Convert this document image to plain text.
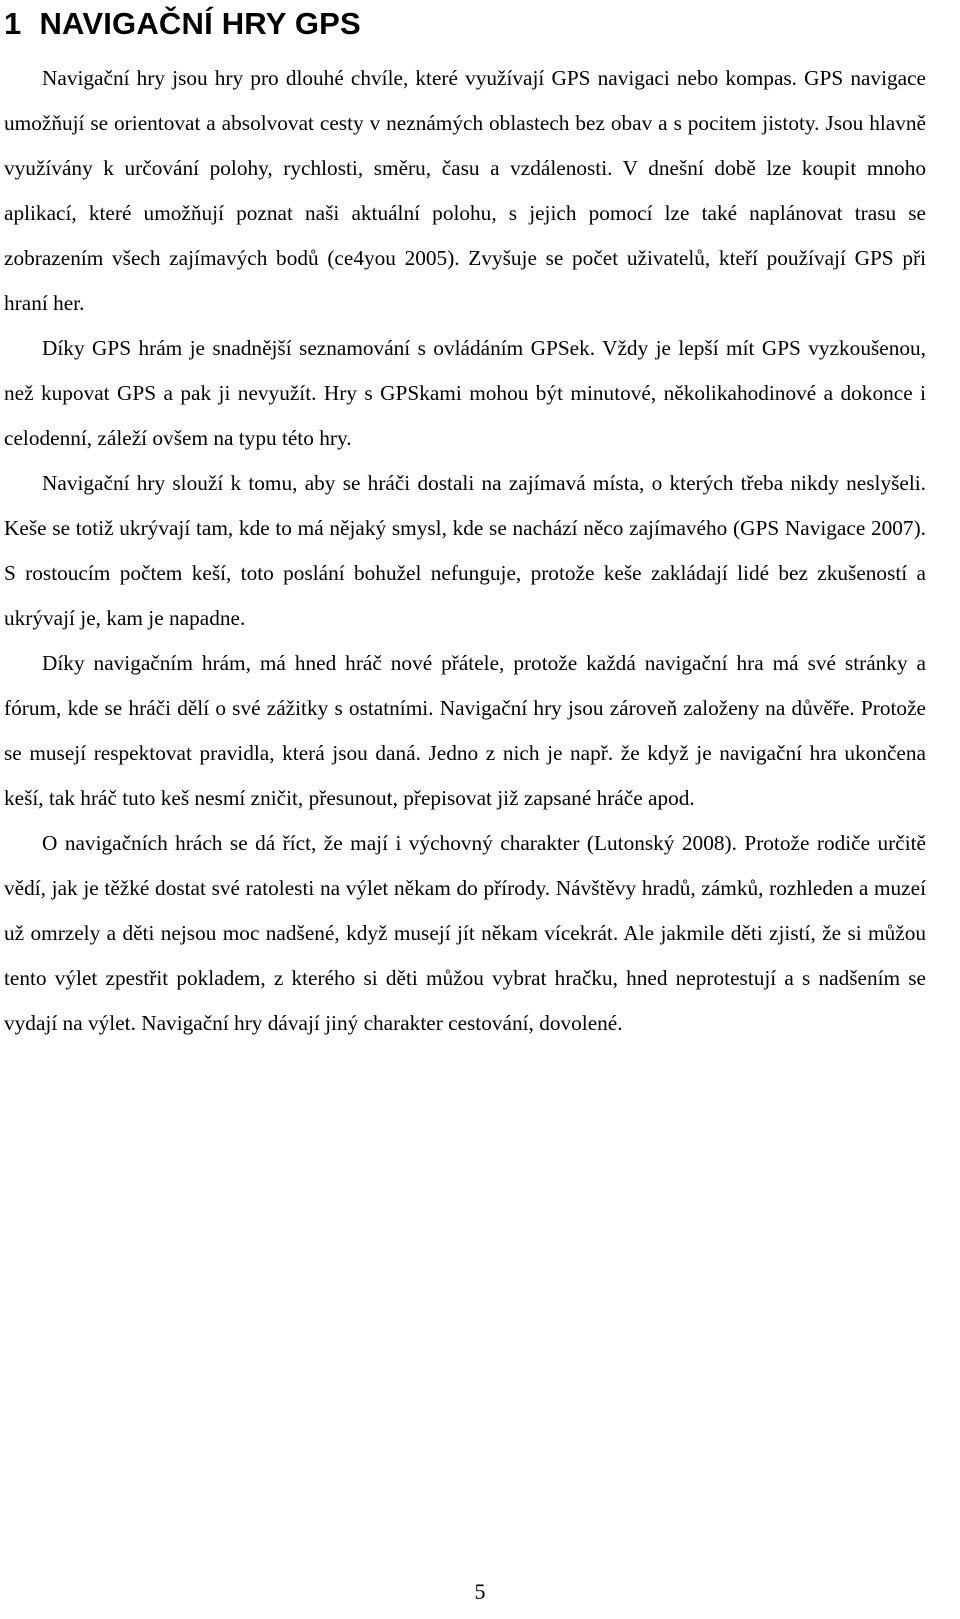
1 NAVIGAČNÍ HRY GPS

Navigační hry jsou hry pro dlouhé chvíle, které využívají GPS navigaci nebo kompas. GPS navigace umožňují se orientovat a absolvovat cesty v neznámých oblastech bez obav a s pocitem jistoty. Jsou hlavně využívány k určování polohy, rychlosti, směru, času a vzdálenosti. V dnešní době lze koupit mnoho aplikací, které umožňují poznat naši aktuální polohu, s jejich pomocí lze také naplánovat trasu se zobrazením všech zajímavých bodů (ce4you 2005). Zvyšuje se počet uživatelů, kteří používají GPS při hraní her.

Díky GPS hrám je snadnější seznamování s ovládáním GPSek. Vždy je lepší mít GPS vyzkoušenou, než kupovat GPS a pak ji nevyužít. Hry s GPSkami mohou být minutové, několikahodinové a dokonce i celodenní, záleží ovšem na typu této hry.

Navigační hry slouží k tomu, aby se hráči dostali na zajímavá místa, o kterých třeba nikdy neslyšeli. Keše se totiž ukrývají tam, kde to má nějaký smysl, kde se nachází něco zajímavého (GPS Navigace 2007). S rostoucím počtem keší, toto poslání bohužel nefunguje, protože keše zakládají lidé bez zkušeností a ukrývají je, kam je napadne.

Díky navigačním hrám, má hned hráč nové přátele, protože každá navigační hra má své stránky a fórum, kde se hráči dělí o své zážitky s ostatními. Navigační hry jsou zároveň založeny na důvěře. Protože se musejí respektovat pravidla, která jsou daná. Jedno z nich je např. že když je navigační hra ukončena keší, tak hráč tuto keš nesmí zničit, přesunout, přepisovat již zapsané hráče apod.

O navigačních hrách se dá říct, že mají i výchovný charakter (Lutonský 2008). Protože rodiče určitě vědí, jak je těžké dostat své ratolesti na výlet někam do přírody. Návštěvy hradů, zámků, rozhleden a muzeí už omrzely a děti nejsou moc nadšené, když musejí jít někam vícekrát. Ale jakmile děti zjistí, že si můžou tento výlet zpestřit pokladem, z kterého si děti můžou vybrat hračku, hned neprotestují a s nadšením se vydají na výlet. Navigační hry dávají jiný charakter cestování, dovolené.

5
